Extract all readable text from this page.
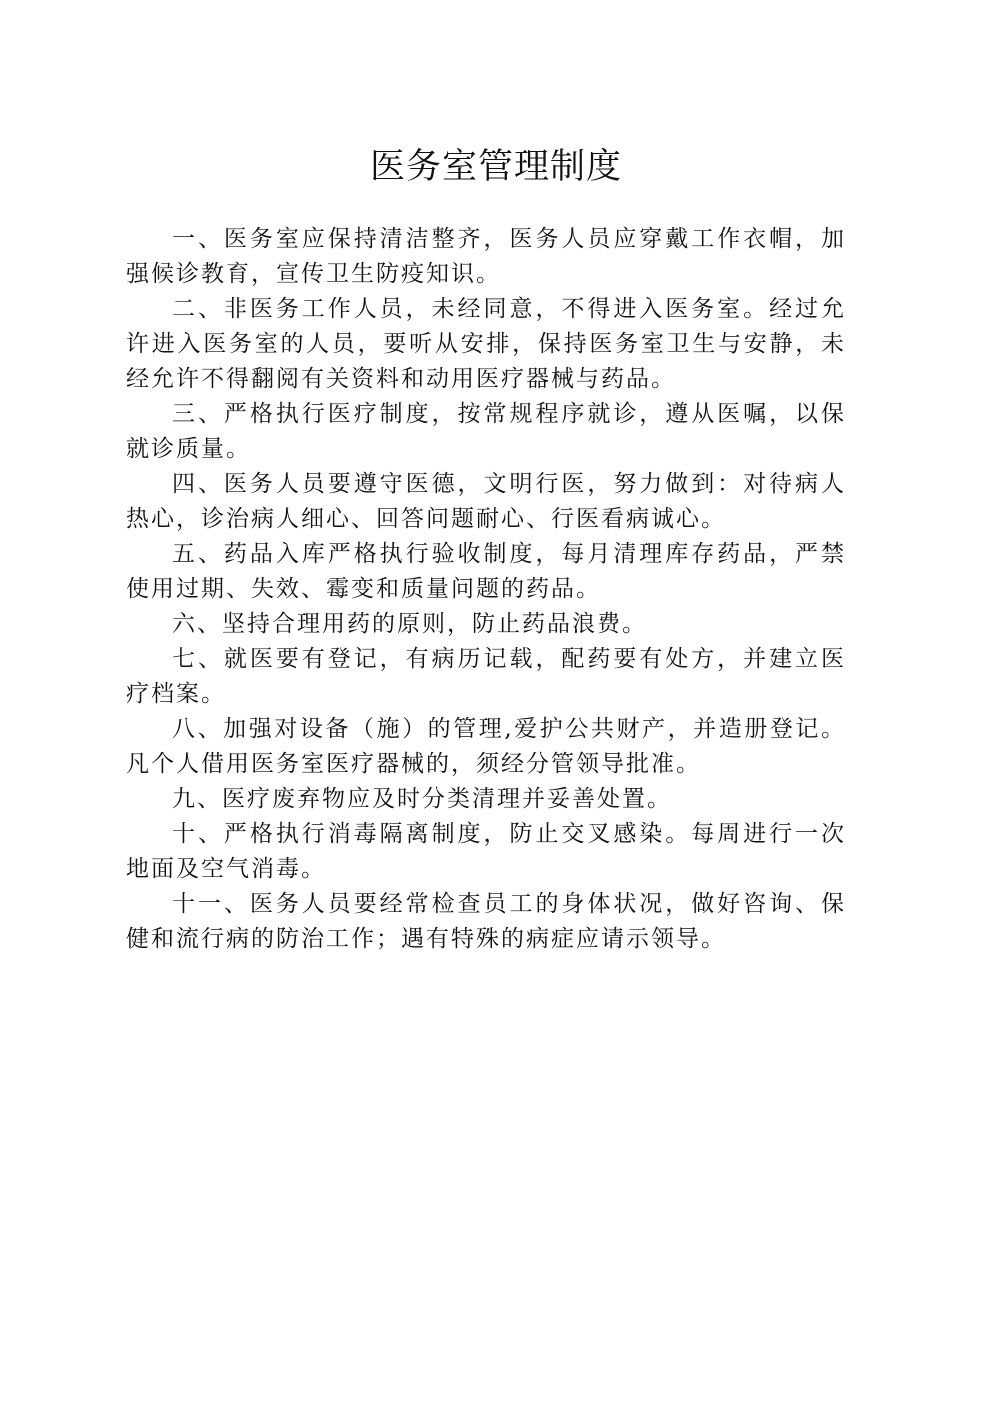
医务室管理制度

一、医务室应保持清洁整齐，医务人员应穿戴工作衣帽，加强候诊教育，宣传卫生防疫知识。

二、非医务工作人员，未经同意，不得进入医务室。经过允许进入医务室的人员，要听从安排，保持医务室卫生与安静，未经允许不得翻阅有关资料和动用医疗器械与药品。

三、严格执行医疗制度，按常规程序就诊，遵从医嘱，以保就诊质量。

四、医务人员要遵守医德，文明行医，努力做到：对待病人热心，诊治病人细心、回答问题耐心、行医看病诚心。

五、药品入库严格执行验收制度，每月清理库存药品，严禁使用过期、失效、霉变和质量问题的药品。

六、坚持合理用药的原则，防止药品浪费。

七、就医要有登记，有病历记载，配药要有处方，并建立医疗档案。

八、加强对设备（施）的管理,爱护公共财产，并造册登记。凡个人借用医务室医疗器械的，须经分管领导批准。

九、医疗废弃物应及时分类清理并妥善处置。

十、严格执行消毒隔离制度，防止交叉感染。每周进行一次地面及空气消毒。

十一、医务人员要经常检查员工的身体状况，做好咨询、保健和流行病的防治工作；遇有特殊的病症应请示领导。
